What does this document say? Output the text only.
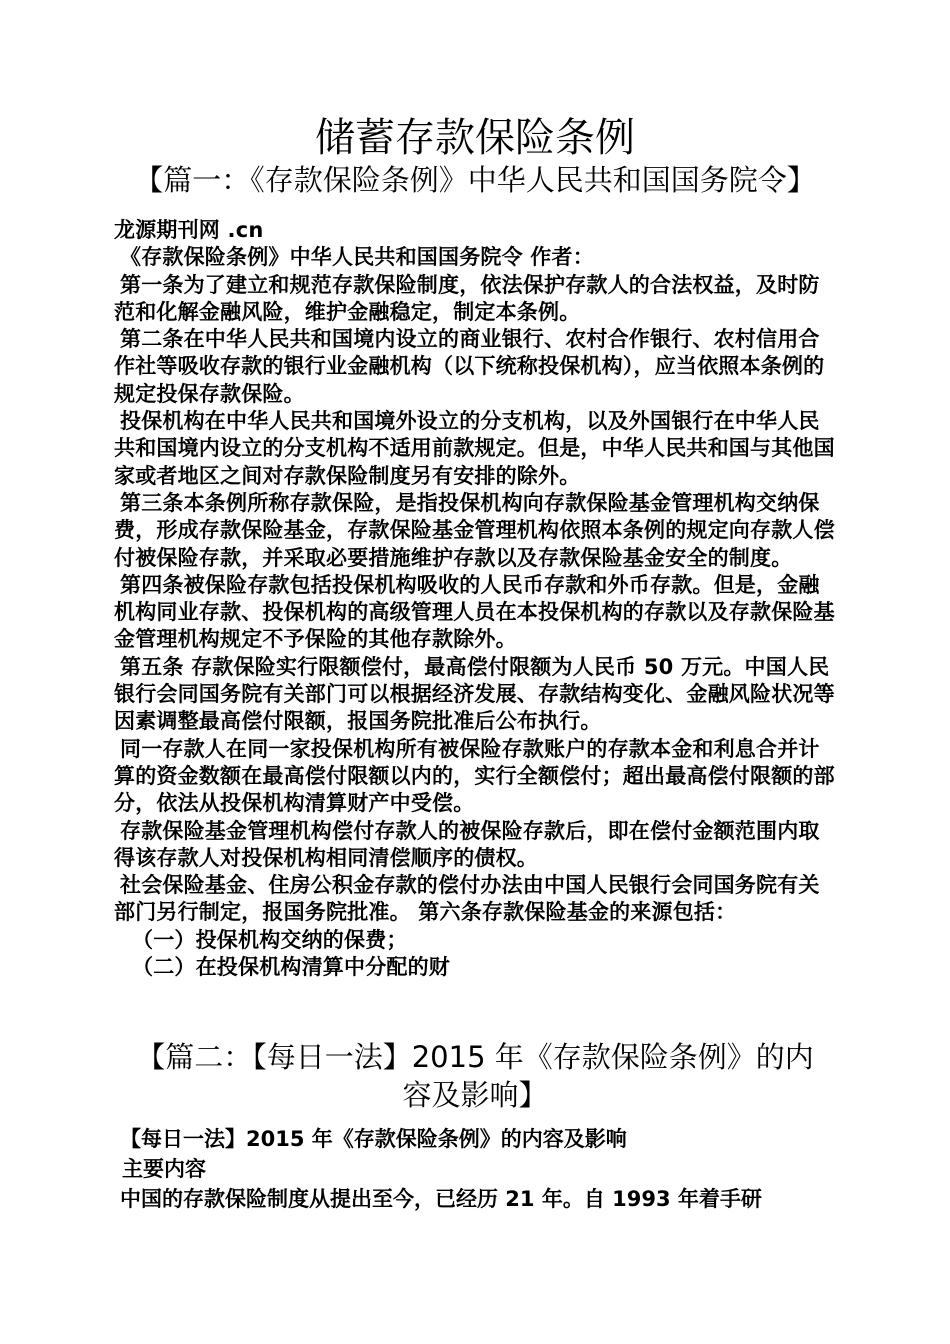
储蓄存款保险条例
【篇一：《存款保险条例》中华人民共和国国务院令】

龙源期刊网 .cn

《存款保险条例》中华人民共和国国务院令 作者：

第一条为了建立和规范存款保险制度，依法保护存款人的合法权益，及时防范和化解金融风险，维护金融稳定，制定本条例。

第二条在中华人民共和国境内设立的商业银行、农村合作银行、农村信用合作社等吸收存款的银行业金融机构（以下统称投保机构），应当依照本条例的规定投保存款保险。

投保机构在中华人民共和国境外设立的分支机构，以及外国银行在中华人民共和国境内设立的分支机构不适用前款规定。但是，中华人民共和国与其他国家或者地区之间对存款保险制度另有安排的除外。

第三条本条例所称存款保险，是指投保机构向存款保险基金管理机构交纳保费，形成存款保险基金，存款保险基金管理机构依照本条例的规定向存款人偿付被保险存款，并采取必要措施维护存款以及存款保险基金安全的制度。

第四条被保险存款包括投保机构吸收的人民币存款和外币存款。但是，金融机构同业存款、投保机构的高级管理人员在本投保机构的存款以及存款保险基金管理机构规定不予保险的其他存款除外。

第五条 存款保险实行限额偿付，最高偿付限额为人民币 50 万元。中国人民银行会同国务院有关部门可以根据经济发展、存款结构变化、金融风险状况等因素调整最高偿付限额，报国务院批准后公布执行。

同一存款人在同一家投保机构所有被保险存款账户的存款本金和利息合并计算的资金数额在最高偿付限额以内的，实行全额偿付；超出最高偿付限额的部分，依法从投保机构清算财产中受偿。

存款保险基金管理机构偿付存款人的被保险存款后，即在偿付金额范围内取得该存款人对投保机构相同清偿顺序的债权。

社会保险基金、住房公积金存款的偿付办法由中国人民银行会同国务院有关部门另行制定，报国务院批准。 第六条存款保险基金的来源包括：

（一）投保机构交纳的保费；

（二）在投保机构清算中分配的财

【篇二：【每日一法】2015 年《存款保险条例》的内
容及影响】

【每日一法】2015 年《存款保险条例》的内容及影响

主要内容

中国的存款保险制度从提出至今，已经历 21 年。自 1993 年着手研
